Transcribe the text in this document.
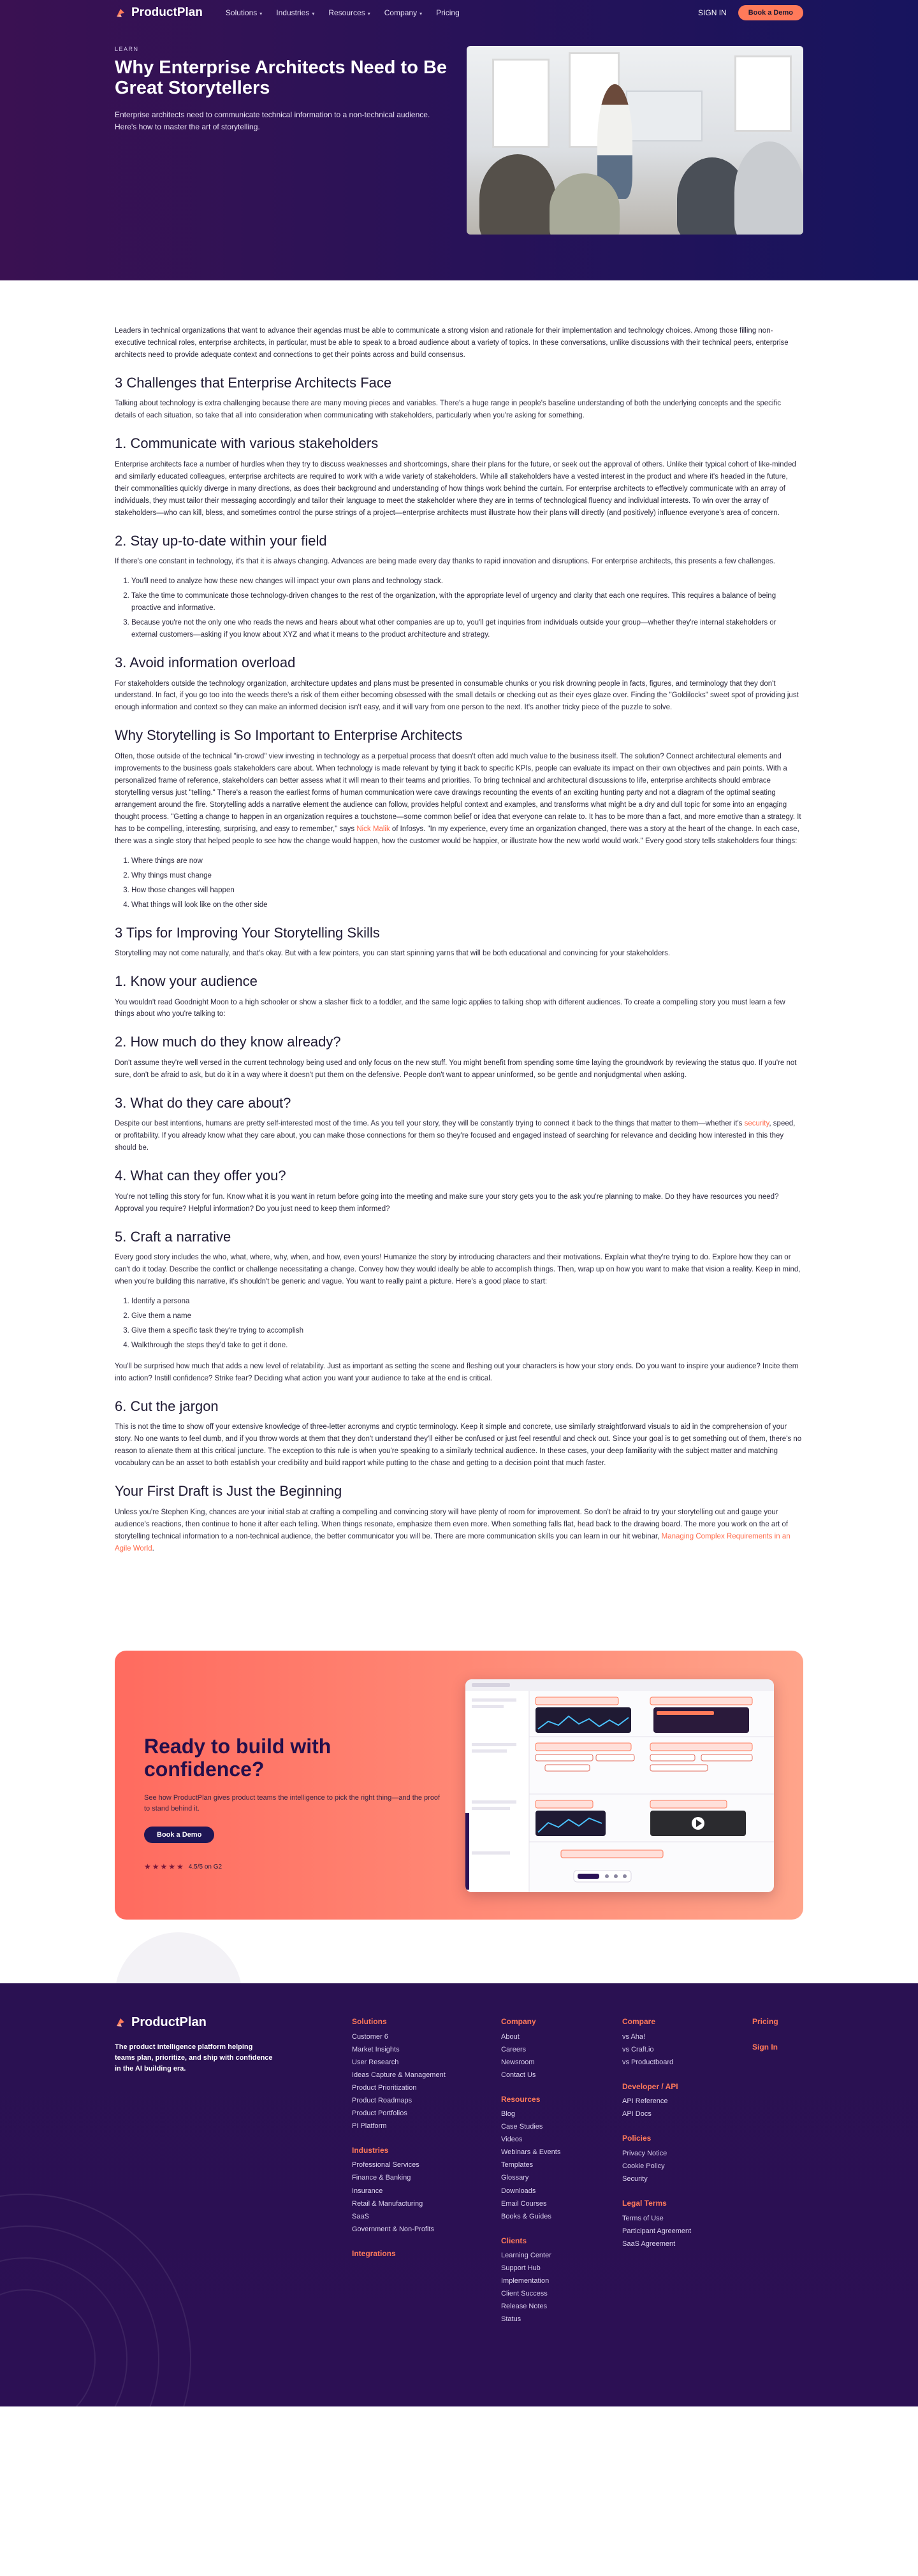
ProductPlan	Solutions ▾ Industries ▾ Resources ▾ Company ▾ Pricing	SIGN IN	Book a Demo
LEARN
Why Enterprise Architects Need to Be Great Storytellers

Enterprise architects need to communicate technical information to a non-technical audience. Here's how to master the art of storytelling.

Leaders in technical organizations that want to advance their agendas must be able to communicate a strong vision and rationale for their implementation and technology choices. Among those filling non-executive technical roles, enterprise architects, in particular, must be able to speak to a broad audience about a variety of topics. In these conversations, unlike discussions with their technical peers, enterprise architects need to provide adequate context and connections to get their points across and build consensus.

3 Challenges that Enterprise Architects Face

Talking about technology is extra challenging because there are many moving pieces and variables. There's a huge range in people's baseline understanding of both the underlying concepts and the specific details of each situation, so take that all into consideration when communicating with stakeholders, particularly when you're asking for something.

1. Communicate with various stakeholders

Enterprise architects face a number of hurdles when they try to discuss weaknesses and shortcomings, share their plans for the future, or seek out the approval of others. Unlike their typical cohort of like-minded and similarly educated colleagues, enterprise architects are required to work with a wide variety of stakeholders. While all stakeholders have a vested interest in the product and where it's headed in the future, their commonalities quickly diverge in many directions, as does their background and understanding of how things work behind the curtain. For enterprise architects to effectively communicate with an array of individuals, they must tailor their messaging accordingly and tailor their language to meet the stakeholder where they are in terms of technological fluency and individual interests. To win over the array of stakeholders—who can kill, bless, and sometimes control the purse strings of a project—enterprise architects must illustrate how their plans will directly (and positively) influence everyone's area of concern.

2. Stay up-to-date within your field

If there's one constant in technology, it's that it is always changing. Advances are being made every day thanks to rapid innovation and disruptions. For enterprise architects, this presents a few challenges.

1. You'll need to analyze how these new changes will impact your own plans and technology stack.
2. Take the time to communicate those technology-driven changes to the rest of the organization, with the appropriate level of urgency and clarity that each one requires. This requires a balance of being proactive and informative.
3. Because you're not the only one who reads the news and hears about what other companies are up to, you'll get inquiries from individuals outside your group—whether they're internal stakeholders or external customers—asking if you know about XYZ and what it means to the product architecture and strategy.
3. Avoid information overload

For stakeholders outside the technology organization, architecture updates and plans must be presented in consumable chunks or you risk drowning people in facts, figures, and terminology that they don't understand. In fact, if you go too into the weeds there's a risk of them either becoming obsessed with the small details or checking out as their eyes glaze over. Finding the "Goldilocks" sweet spot of providing just enough information and context so they can make an informed decision isn't easy, and it will vary from one person to the next. It's another tricky piece of the puzzle to solve.

Why Storytelling is So Important to Enterprise Architects

Often, those outside of the technical "in-crowd" view investing in technology as a perpetual process that doesn't often add much value to the business itself. The solution? Connect architectural elements and improvements to the business goals stakeholders care about. When technology is made relevant by tying it back to specific KPIs, people can evaluate its impact on their own objectives and pain points. With a personalized frame of reference, stakeholders can better assess what it will mean to their teams and priorities. To bring technical and architectural discussions to life, enterprise architects should embrace storytelling versus just "telling." There's a reason the earliest forms of human communication were cave drawings recounting the events of an exciting hunting party and not a diagram of the optimal seating arrangement around the fire. Storytelling adds a narrative element the audience can follow, provides helpful context and examples, and transforms what might be a dry and dull topic for some into an engaging thought process. "Getting a change to happen in an organization requires a touchstone—some common belief or idea that everyone can relate to. It has to be more than a fact, and more emotive than a strategy. It has to be compelling, interesting, surprising, and easy to remember," says Nick Malik of Infosys. "In my experience, every time an organization changed, there was a story at the heart of the change. In each case, there was a single story that helped people to see how the change would happen, how the customer would be happier, or illustrate how the new world would work." Every good story tells stakeholders four things:

1. Where things are now
2. Why things must change
3. How those changes will happen
4. What things will look like on the other side
3 Tips for Improving Your Storytelling Skills

Storytelling may not come naturally, and that's okay. But with a few pointers, you can start spinning yarns that will be both educational and convincing for your stakeholders.

1. Know your audience

You wouldn't read Goodnight Moon to a high schooler or show a slasher flick to a toddler, and the same logic applies to talking shop with different audiences. To create a compelling story you must learn a few things about who you're talking to:

2. How much do they know already?

Don't assume they're well versed in the current technology being used and only focus on the new stuff. You might benefit from spending some time laying the groundwork by reviewing the status quo. If you're not sure, don't be afraid to ask, but do it in a way where it doesn't put them on the defensive. People don't want to appear uninformed, so be gentle and nonjudgmental when asking.

3. What do they care about?

Despite our best intentions, humans are pretty self-interested most of the time. As you tell your story, they will be constantly trying to connect it back to the things that matter to them—whether it's security, speed, or profitability. If you already know what they care about, you can make those connections for them so they're focused and engaged instead of searching for relevance and deciding how interested in this they should be.

4. What can they offer you?

You're not telling this story for fun. Know what it is you want in return before going into the meeting and make sure your story gets you to the ask you're planning to make. Do they have resources you need? Approval you require? Helpful information? Do you just need to keep them informed?

5. Craft a narrative

Every good story includes the who, what, where, why, when, and how, even yours! Humanize the story by introducing characters and their motivations. Explain what they're trying to do. Explore how they can or can't do it today. Describe the conflict or challenge necessitating a change. Convey how they would ideally be able to accomplish things. Then, wrap up on how you want to make that vision a reality. Keep in mind, when you're building this narrative, it's shouldn't be generic and vague. You want to really paint a picture. Here's a good place to start:

1. Identify a persona
2. Give them a name
3. Give them a specific task they're trying to accomplish
4. Walkthrough the steps they'd take to get it done.

You'll be surprised how much that adds a new level of relatability. Just as important as setting the scene and fleshing out your characters is how your story ends. Do you want to inspire your audience? Incite them into action? Instill confidence? Strike fear? Deciding what action you want your audience to take at the end is critical.

6. Cut the jargon

This is not the time to show off your extensive knowledge of three-letter acronyms and cryptic terminology. Keep it simple and concrete, use similarly straightforward visuals to aid in the comprehension of your story. No one wants to feel dumb, and if you throw words at them that they don't understand they'll either be confused or just feel resentful and check out. Since your goal is to get something out of them, there's no reason to alienate them at this critical juncture. The exception to this rule is when you're speaking to a similarly technical audience. In these cases, your deep familiarity with the subject matter and matching vocabulary can be an asset to both establish your credibility and build rapport while putting to the chase and getting to a decision point that much faster.

Your First Draft is Just the Beginning

Unless you're Stephen King, chances are your initial stab at crafting a compelling and convincing story will have plenty of room for improvement. So don't be afraid to try your storytelling out and gauge your audience's reactions, then continue to hone it after each telling. When things resonate, emphasize them even more. When something falls flat, head back to the drawing board. The more you work on the art of storytelling technical information to a non-technical audience, the better communicator you will be. There are more communication skills you can learn in our hit webinar, Managing Complex Requirements in an Agile World.

Ready to build with confidence?

See how ProductPlan gives product teams the intelligence to pick the right thing—and the proof to stand behind it.

Book a Demo
★★★★★ 4.5/5 on G2
ProductPlan
The product intelligence platform helping teams plan, prioritize, and ship with confidence in the AI building era.
Solutions
Customer 6
Market Insights
User Research
Ideas Capture & Management
Product Prioritization
Product Roadmaps
Product Portfolios
PI Platform
Industries
Professional Services
Finance & Banking
Insurance
Retail & Manufacturing
SaaS
Government & Non-Profits
Integrations
Company
About
Careers
Newsroom
Contact Us
Resources
Blog
Case Studies
Videos
Webinars & Events
Templates
Glossary
Downloads
Email Courses
Books & Guides
Clients
Learning Center
Support Hub
Implementation
Client Success
Release Notes
Status
Compare
vs Aha!
vs Craft.io
vs Productboard
Developer / API
API Reference
API Docs
Policies
Privacy Notice
Cookie Policy
Security
Legal Terms
Terms of Use
Participant Agreement
SaaS Agreement
Pricing
Sign In
